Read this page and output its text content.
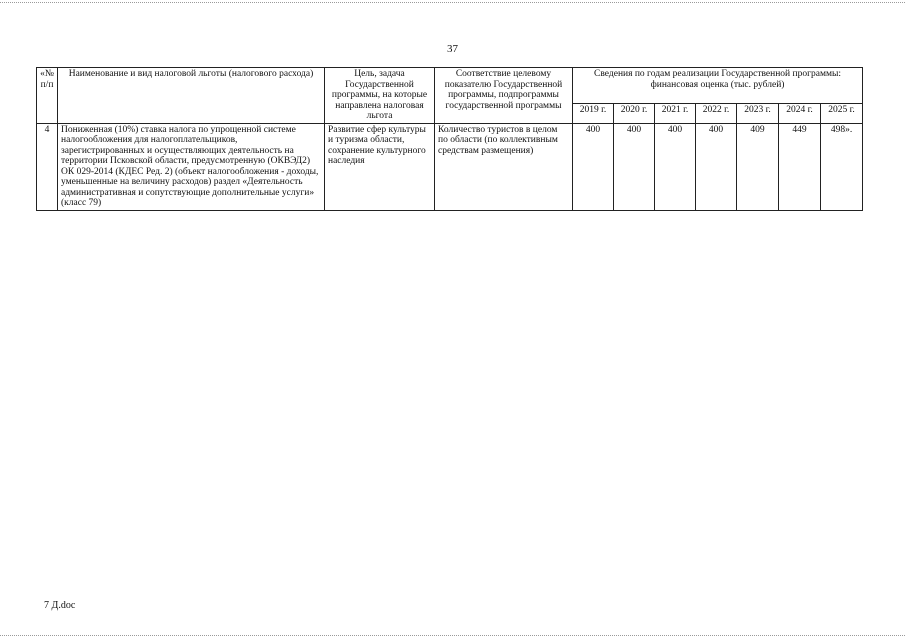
37
«№ п/п	Наименование и вид налоговой льготы (налогового расхода)	Цель, задача Государственной программы, на которые направлена налоговая льгота	Соответствие целевому показателю Государственной программы, подпрограммы государственной программы	Сведения по годам реализации Государственной программы: финансовая оценка (тыс. рублей)						
				2019 г.	2020 г.	2021 г.	2022 г.	2023 г.	2024 г.	2025 г.
4	Пониженная (10%) ставка налога по упрощенной системе налогообложения для налогоплательщиков, зарегистрированных и осуществляющих деятельность на территории Псковской области, предусмотренную (ОКВЭД2) ОК 029-2014 (КДЕС Ред. 2) (объект налогообложения - доходы, уменьшенные на величину расходов) раздел «Деятельность административная и сопутствующие дополнительные услуги» (класс 79)	Развитие сфер культуры и туризма области, сохранение культурного наследия	Количество туристов в целом по области (по коллективным средствам размещения)	400	400	400	400	409	449	498».
7 Д.doc
